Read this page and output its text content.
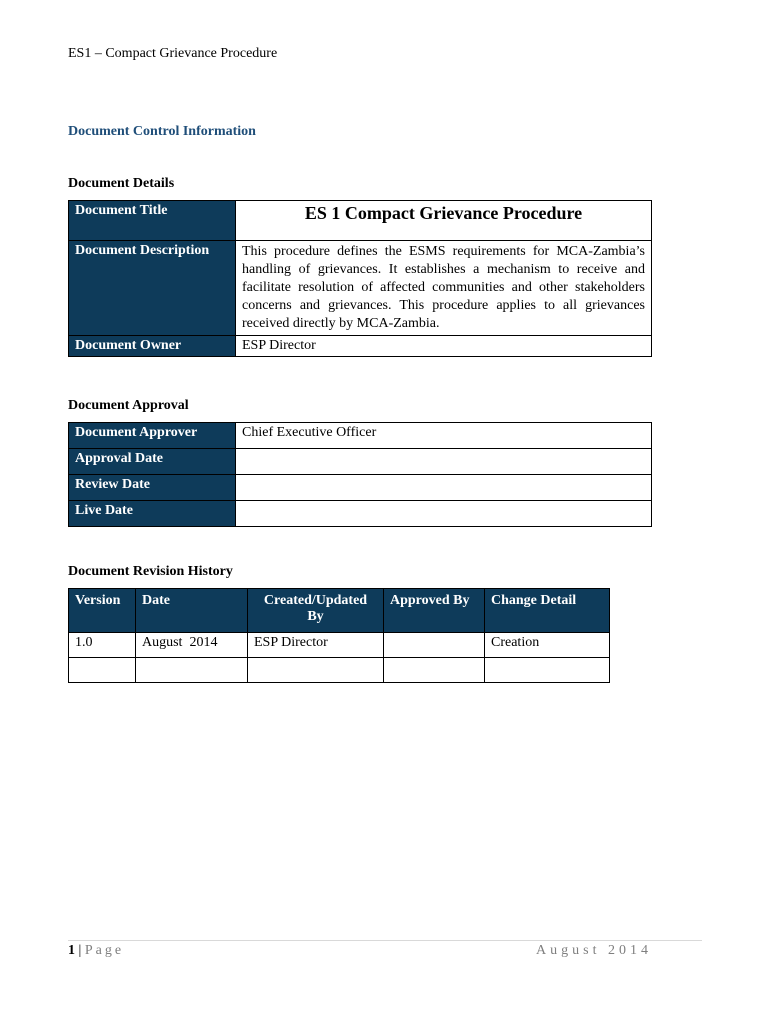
ES1 – Compact Grievance Procedure
Document Control Information
Document Details
Document Title	ES 1 Compact Grievance Procedure
Document Description	This procedure defines the ESMS requirements for MCA-Zambia’s handling of grievances. It establishes a mechanism to receive and facilitate resolution of affected communities and other stakeholders concerns and grievances. This procedure applies to all grievances received directly by MCA-Zambia.
Document Owner	ESP Director
Document Approval
Document Approver	Chief Executive Officer
Approval Date	
Review Date	
Live Date	
Document Revision History
Version	Date	Created/Updated By	Approved By	Change Detail
1.0	August  2014	ESP Director		Creation

1 | Page	August 2014
